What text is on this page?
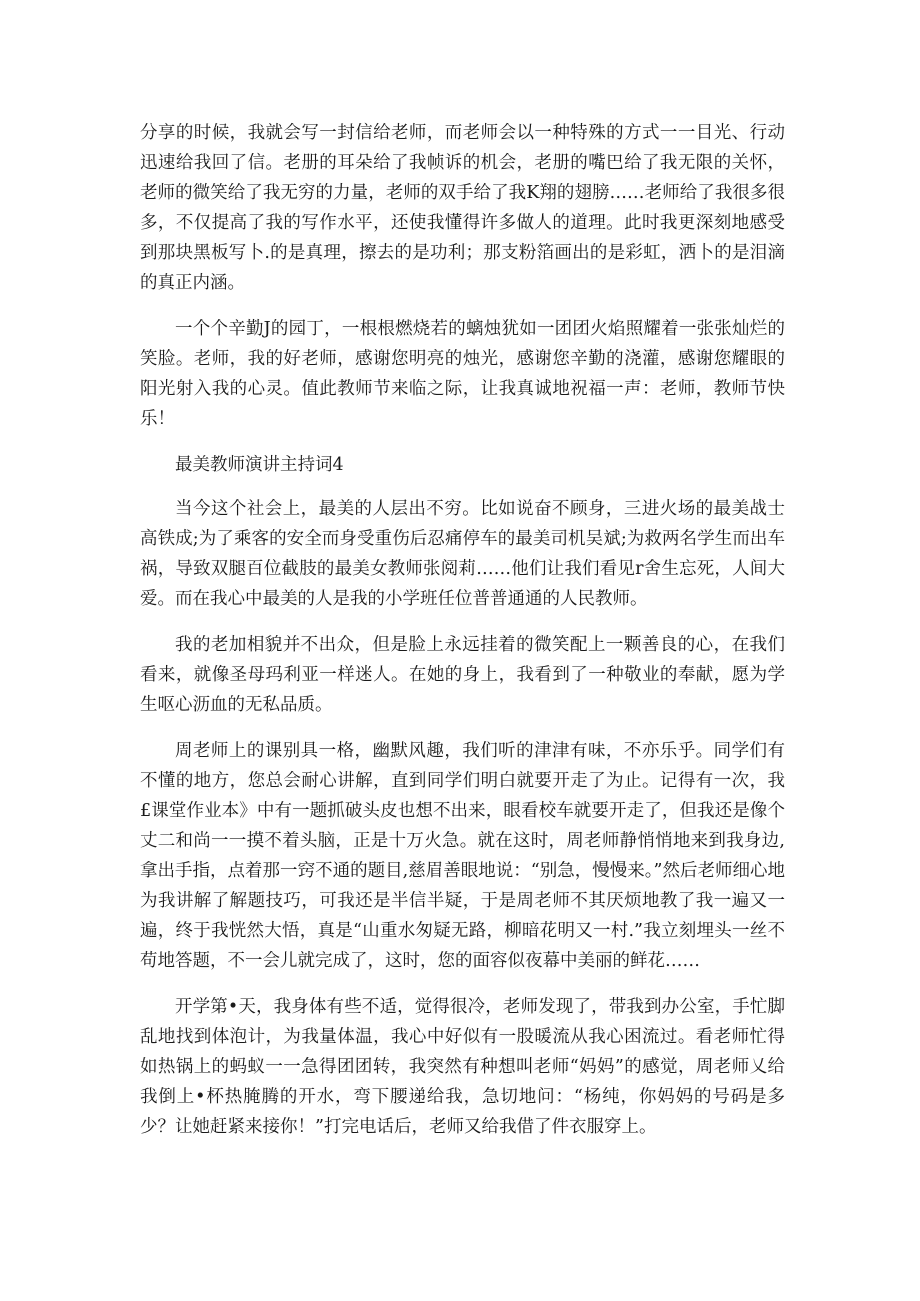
分享的时候，我就会写一封信给老师，而老师会以一种特殊的方式一一目光、行动迅速给我回了信。老册的耳朵给了我帧诉的机会，老册的嘴巴给了我无限的关怀，老师的微笑给了我无穷的力量，老师的双手给了我K翔的翅膀……老师给了我很多很多，不仅提高了我的写作水平，还使我懂得许多做人的道理。此时我更深刻地感受到那块黑板写卜.的是真理，擦去的是功利；那支粉箔画出的是彩虹，洒卜的是泪滴的真正内涵。

一个个辛勤J的园丁，一根根燃烧若的螭烛犹如一团团火焰照耀着一张张灿烂的笑脸。老师，我的好老师，感谢您明亮的烛光，感谢您辛勤的浇灌，感谢您耀眼的阳光射入我的心灵。值此教师节来临之际，让我真诚地祝福一声：老师，教师节快乐！

最美教师演讲主持词4

当今这个社会上，最美的人层出不穷。比如说奋不顾身，三进火场的最美战士高铁成;为了乘客的安全而身受重伤后忍痛停车的最美司机吴斌;为救两名学生而出车祸，导致双腿百位截肢的最美女教师张阅莉……他们让我们看见r舍生忘死，人间大爱。而在我心中最美的人是我的小学班任位普普通通的人民教师。

我的老加相貌并不出众，但是脸上永远挂着的微笑配上一颗善良的心，在我们看来，就像圣母玛利亚一样迷人。在她的身上，我看到了一种敬业的奉献，愿为学生呕心沥血的无私品质。

周老师上的课别具一格，幽默风趣，我们听的津津有味，不亦乐乎。同学们有不懂的地方，您总会耐心讲解，直到同学们明白就要开走了为止。记得有一次，我£课堂作业本》中有一题抓破头皮也想不出来，眼看校车就要开走了，但我还是像个丈二和尚一一摸不着头脑，正是十万火急。就在这时，周老师静悄悄地来到我身边,拿出手指，点着那一窍不通的题目,慈眉善眼地说：“别急，慢慢来。”然后老师细心地为我讲解了解题技巧，可我还是半信半疑，于是周老师不其厌烦地教了我一遍又一遍，终于我恍然大悟，真是“山重水匆疑无路，柳暗花明又一村.”我立刻埋头一丝不苟地答题，不一会儿就完成了，这时，您的面容似夜幕中美丽的鲜花……

开学第•天，我身体有些不适，觉得很冷，老师发现了，带我到办公室，手忙脚乱地找到体泡计，为我量体温，我心中好似有一股暖流从我心困流过。看老师忙得如热锅上的蚂蚁一一急得团团转，我突然有种想叫老师“妈妈”的感觉，周老师乂给我倒上•杯热腌腾的开水，弯下腰递给我，急切地问：“杨纯，你妈妈的号码是多少？让她赶紧来接你！”打完电话后，老师又给我借了件衣服穿上。
